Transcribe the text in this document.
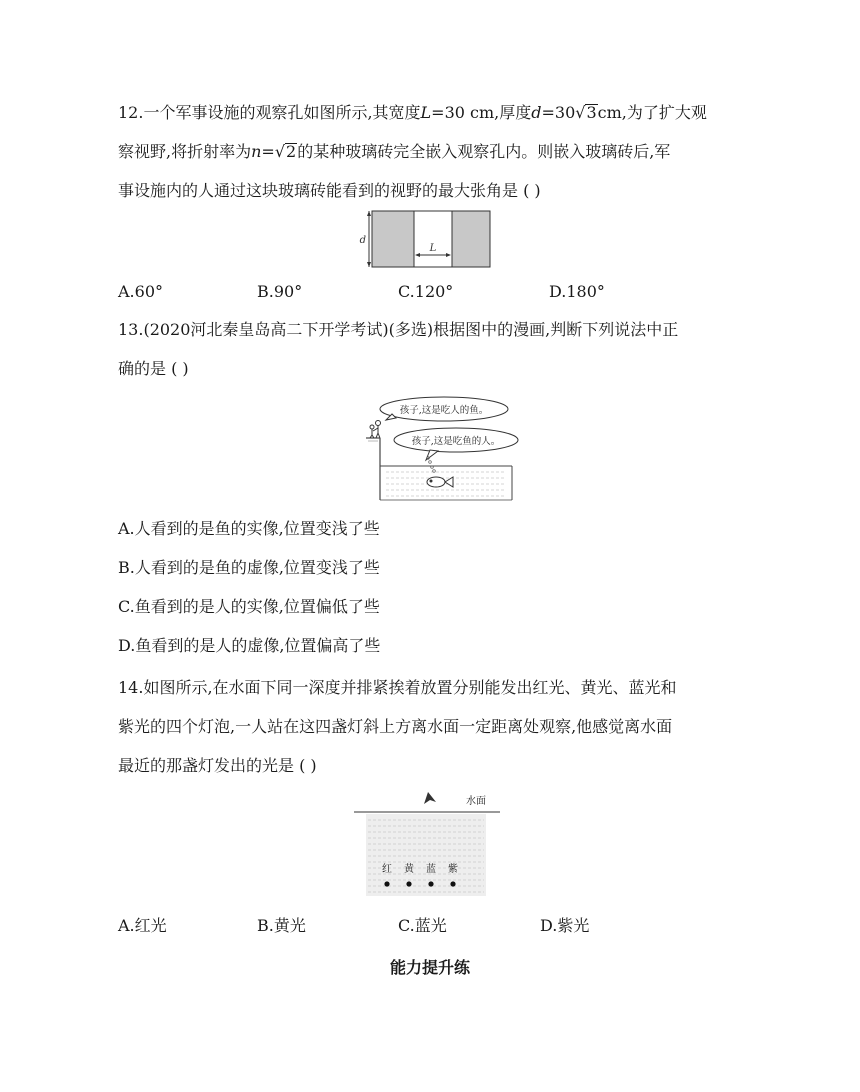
12.一个军事设施的观察孔如图所示,其宽度L=30 cm,厚度d=30√3cm,为了扩大观
察视野,将折射率为n=√2的某种玻璃砖完全嵌入观察孔内。则嵌入玻璃砖后,军
事设施内的人通过这块玻璃砖能看到的视野的最大张角是 ( )
d
L
A.60°	B.90°	C.120°	D.180°
13.(2020河北秦皇岛高二下开学考试)(多选)根据图中的漫画,判断下列说法中正
确的是 ( )
孩子,这是吃人的鱼。
孩子,这是吃鱼的人。
A.人看到的是鱼的实像,位置变浅了些
B.人看到的是鱼的虚像,位置变浅了些
C.鱼看到的是人的实像,位置偏低了些
D.鱼看到的是人的虚像,位置偏高了些
14.如图所示,在水面下同一深度并排紧挨着放置分别能发出红光、黄光、蓝光和
紫光的四个灯泡,一人站在这四盏灯斜上方离水面一定距离处观察,他感觉离水面
最近的那盏灯发出的光是 ( )
水面
红 黄 蓝 紫
A.红光	B.黄光	C.蓝光	D.紫光
能力提升练
